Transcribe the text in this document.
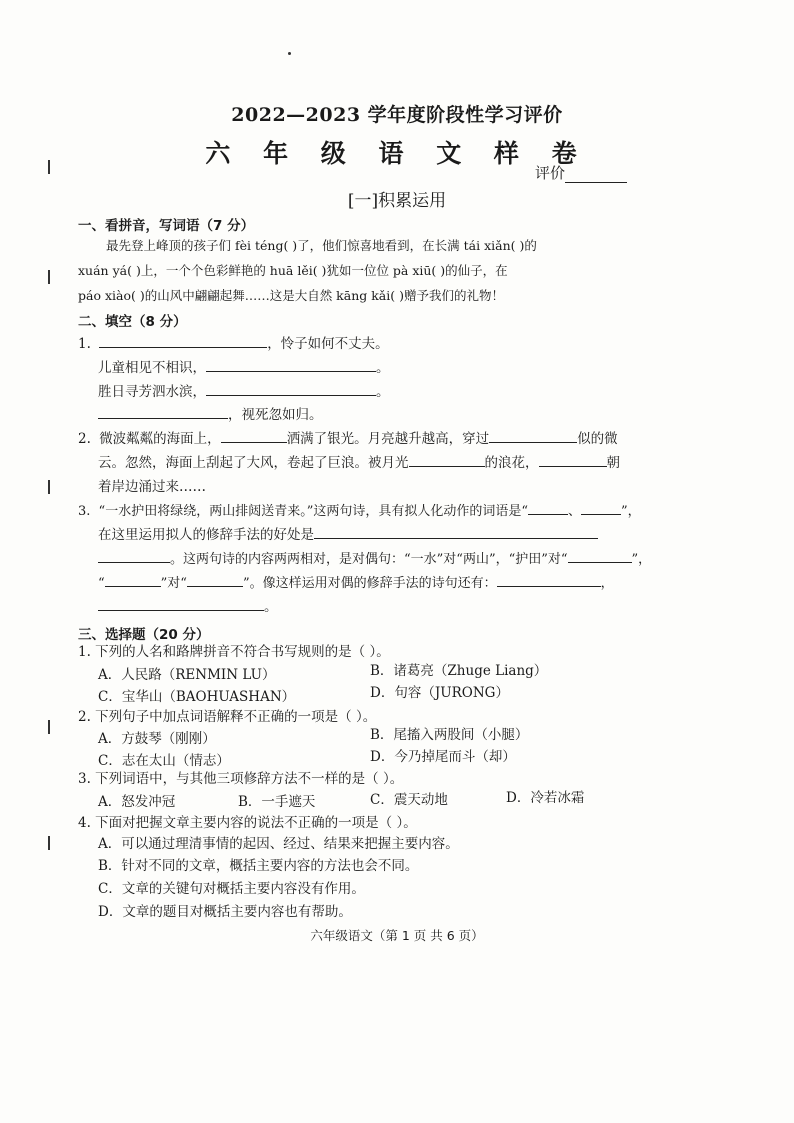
2022—2023 学年度阶段性学习评价
六 年 级 语 文 样 卷
评价
[一]积累运用
一、看拼音，写词语（7 分）
最先登上峰顶的孩子们 fèi téng( )了，他们惊喜地看到，在长满 tái xiǎn( )的
xuán yá( )上，一个个色彩鲜艳的 huā lěi( )犹如一位位 pà xiū( )的仙子，在
páo xiào( )的山风中翩翩起舞……这是大自然 kāng kǎi( )赠予我们的礼物！
二、填空（8 分）
1.	，怜子如何不丈夫。
儿童相见不相识，	。
胜日寻芳泗水滨，	。
，视死忽如归。
2. 微波粼粼的海面上，	洒满了银光。月亮越升越高，穿过	似的微
云。忽然，海面上刮起了大风，卷起了巨浪。被月光	的浪花，	朝
着岸边涌过来……
3. “一水护田将绿绕，两山排闼送青来。”这两句诗，具有拟人化动作的词语是“	、	”，
在这里运用拟人的修辞手法的好处是
。这两句诗的内容两两相对，是对偶句：“一水”对“两山”，“护田”对“	”，
“	”对“	”。像这样运用对偶的修辞手法的诗句还有：	，
。
三、选择题（20 分）
1. 下列的人名和路牌拼音不符合书写规则的是（ ）。
A．人民路（RENMIN LU）	B．诸葛亮（Zhuge Liang）
C．宝华山（BAOHUASHAN）	D．句容（JURONG）
2. 下列句子中加点词语解释不正确的一项是（ ）。
A．方鼓琴（刚刚）	B．尾搐入两股间（小腿）
C．志在太山（情志）	D．今乃掉尾而斗（却）
3. 下列词语中，与其他三项修辞方法不一样的是（ ）。
A．怒发冲冠	B．一手遮天	C．震天动地	D．冷若冰霜
4. 下面对把握文章主要内容的说法不正确的一项是（ ）。
A．可以通过理清事情的起因、经过、结果来把握主要内容。
B．针对不同的文章，概括主要内容的方法也会不同。
C．文章的关键句对概括主要内容没有作用。
D．文章的题目对概括主要内容也有帮助。
六年级语文（第 1 页 共 6 页）
